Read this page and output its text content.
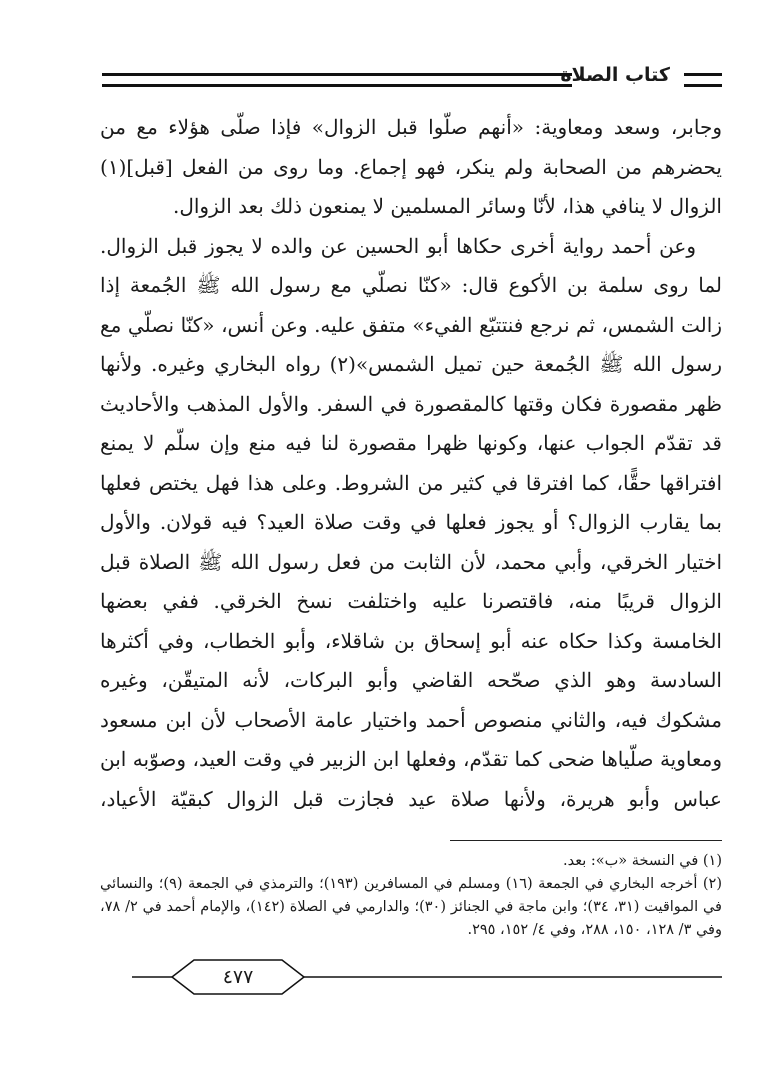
كتاب الصلاة

وجابر، وسعد ومعاوية: «أنهم صلّوا قبل الزوال» فإذا صلّى هؤلاء مع من يحضرهم من الصحابة ولم ينكر، فهو إجماع. وما روى من الفعل [قبل](١) الزوال لا ينافي هذا، لأنّا وسائر المسلمين لا يمنعون ذلك بعد الزوال.

وعن أحمد رواية أخرى حكاها أبو الحسين عن والده لا يجوز قبل الزوال. لما روى سلمة بن الأكوع قال: «كنّا نصلّي مع رسول الله ﷺ الجُمعة إذا زالت الشمس، ثم نرجع فنتتبّع الفيء» متفق عليه. وعن أنس، «كنّا نصلّي مع رسول الله ﷺ الجُمعة حين تميل الشمس»(٢) رواه البخاري وغيره. ولأنها ظهر مقصورة فكان وقتها كالمقصورة في السفر. والأول المذهب والأحاديث قد تقدّم الجواب عنها، وكونها ظهرا مقصورة لنا فيه منع وإن سلّم لا يمنع افتراقها حقًّا، كما افترقا في كثير من الشروط. وعلى هذا فهل يختص فعلها بما يقارب الزوال؟ أو يجوز فعلها في وقت صلاة العيد؟ فيه قولان. والأول اختيار الخرقي، وأبي محمد، لأن الثابت من فعل رسول الله ﷺ الصلاة قبل الزوال قريبًا منه، فاقتصرنا عليه واختلفت نسخ الخرقي. ففي بعضها الخامسة وكذا حكاه عنه أبو إسحاق بن شاقلاء، وأبو الخطاب، وفي أكثرها السادسة وهو الذي صحّحه القاضي وأبو البركات، لأنه المتيقّن، وغيره مشكوك فيه، والثاني منصوص أحمد واختيار عامة الأصحاب لأن ابن مسعود ومعاوية صلّياها ضحى كما تقدّم، وفعلها ابن الزبير في وقت العيد، وصوّبه ابن عباس وأبو هريرة، ولأنها صلاة عيد فجازت قبل الزوال كبقيّة الأعياد،

(١) في النسخة «ب»: بعد.

(٢) أخرجه البخاري في الجمعة (١٦) ومسلم في المسافرين (١٩٣)؛ والترمذي في الجمعة (٩)؛ والنسائي في المواقيت (٣١، ٣٤)؛ وابن ماجة في الجنائز (٣٠)؛ والدارمي في الصلاة (١٤٢)، والإمام أحمد في ٢/ ٧٨، وفي ٣/ ١٢٨، ١٥٠، ٢٨٨، وفي ٤/ ١٥٢، ٢٩٥.

٤٧٧
